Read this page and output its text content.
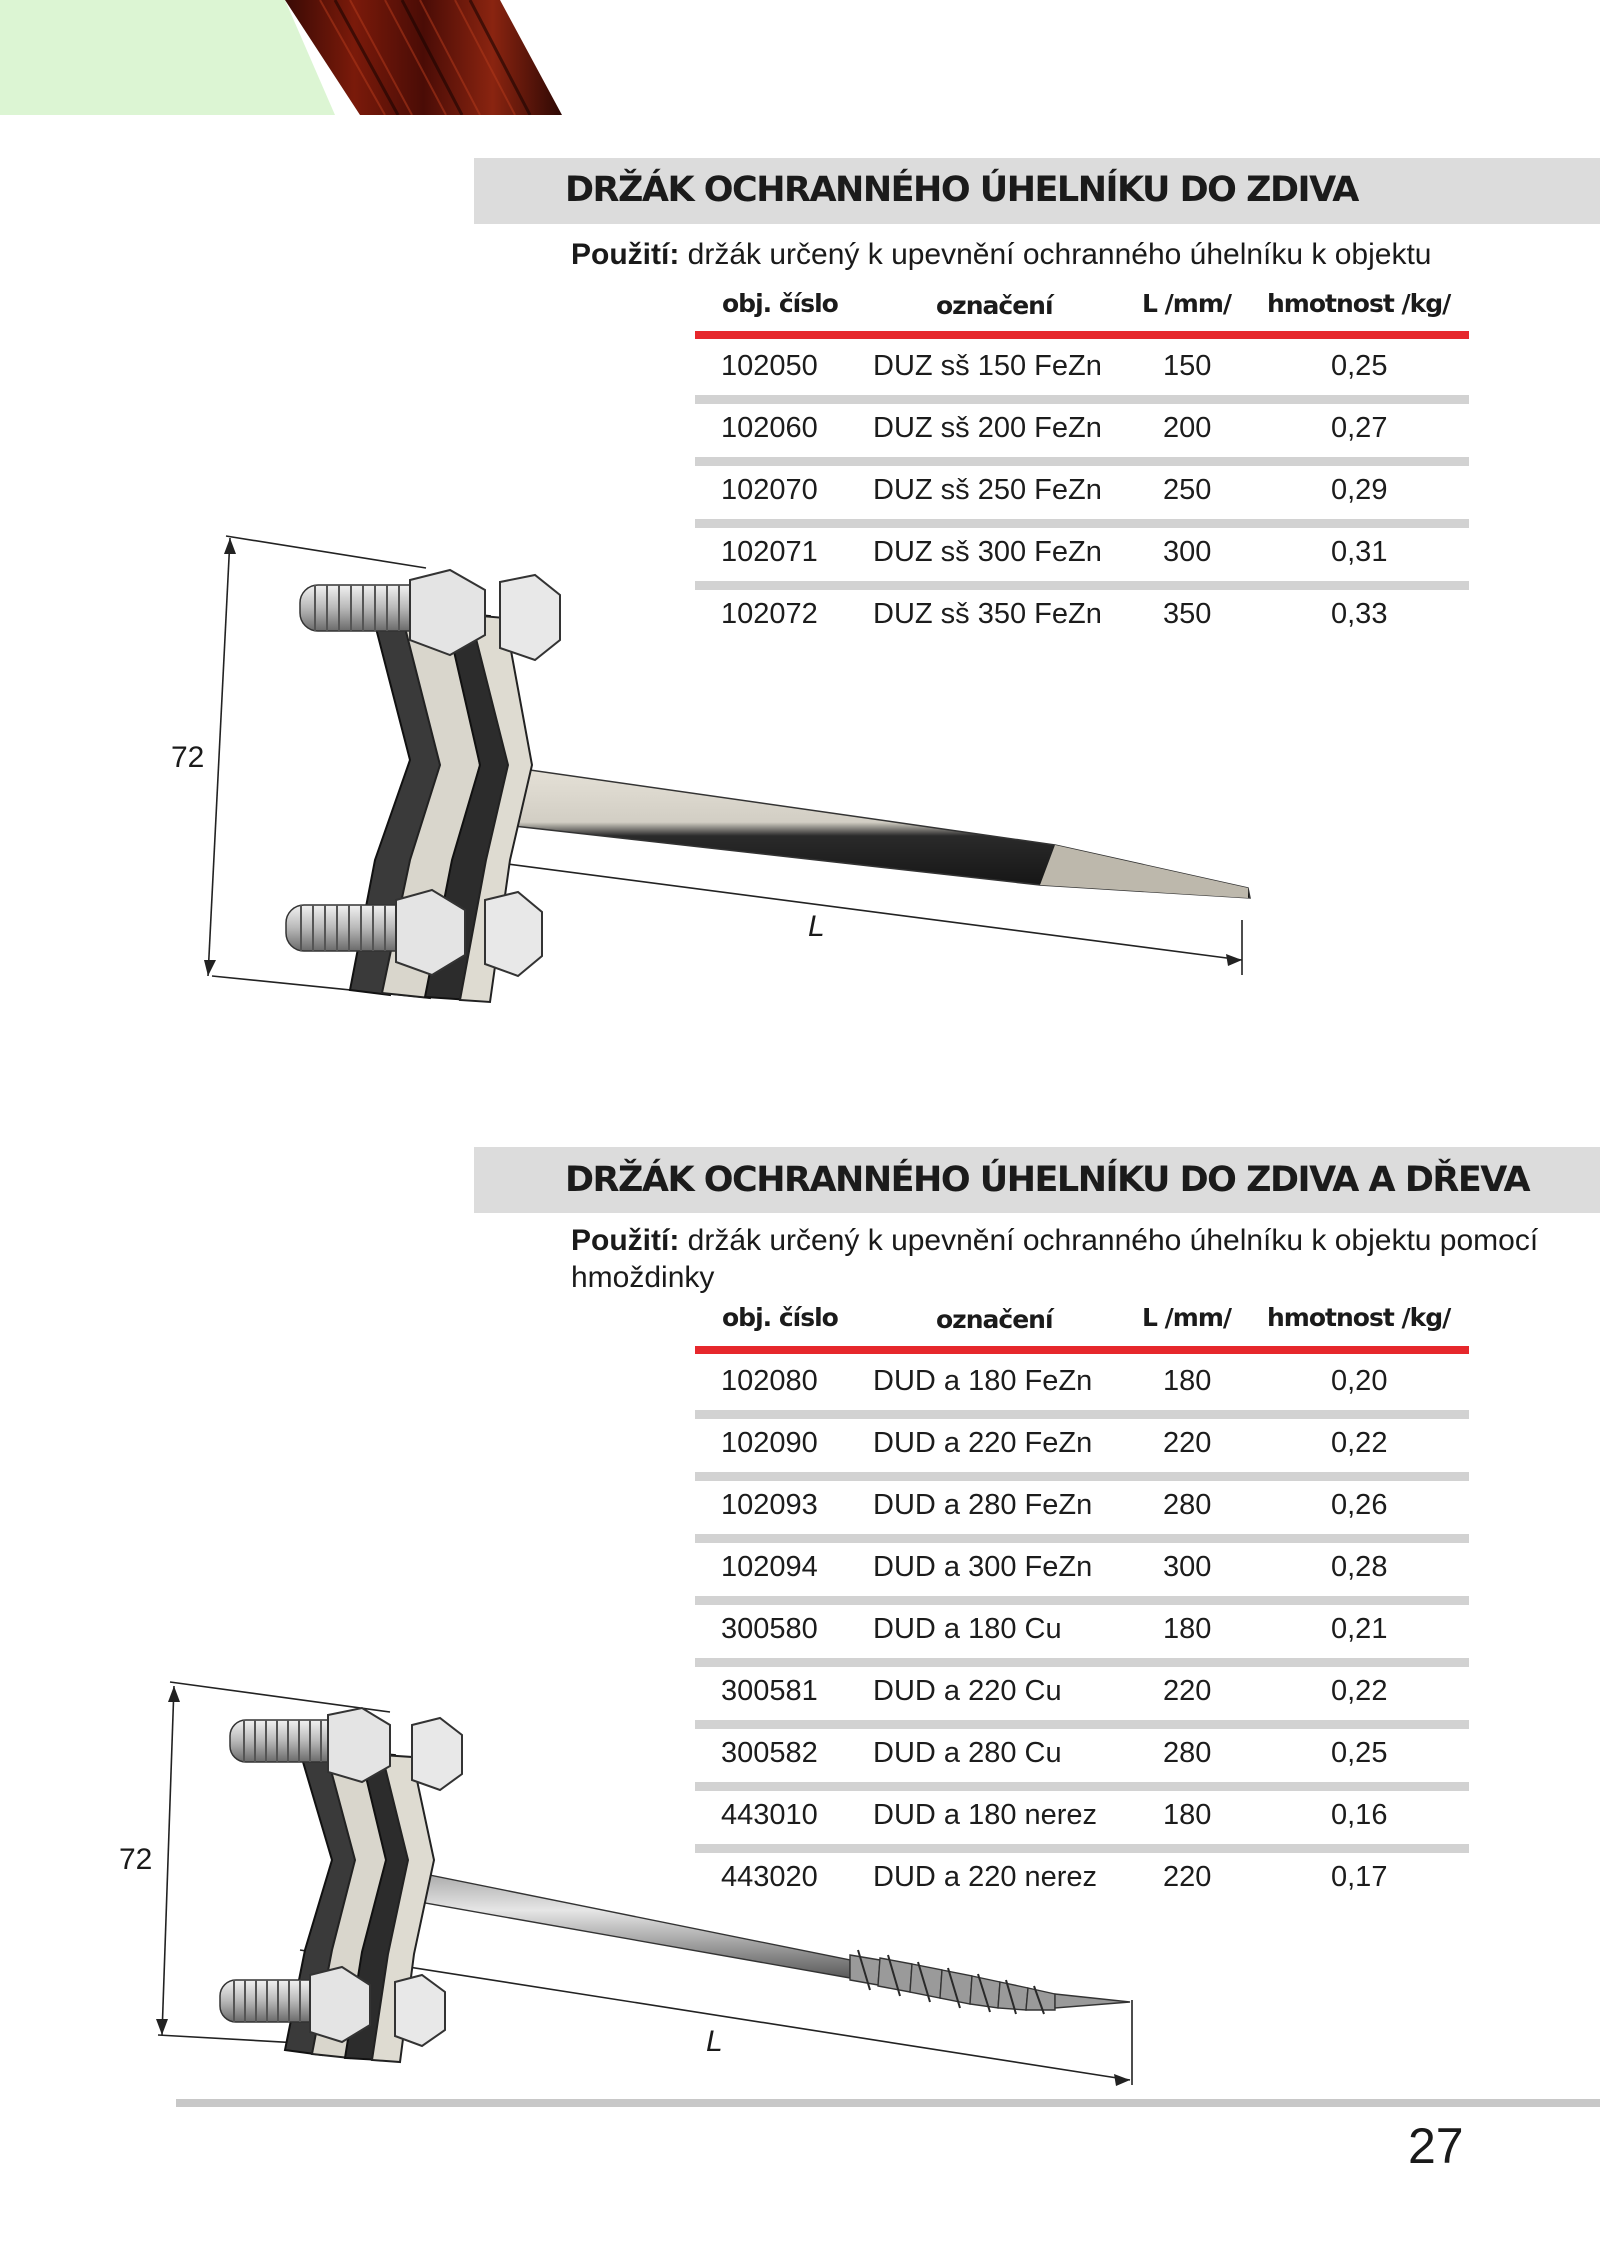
DRŽÁK OCHRANNÉHO ÚHELNÍKU DO ZDIVA
Použití: držák určený k upevnění ochranného úhelníku k objektu
obj. číslo	označení	L /mm/ hmotnost /kg/
102050 DUZ sš 150 FeZn 150	0,25
102060 DUZ sš 200 FeZn 200	0,27
102070 DUZ sš 250 FeZn 250	0,29
102071 DUZ sš 300 FeZn 300	0,31
102072 DUZ sš 350 FeZn 350	0,33
72
L
DRŽÁK OCHRANNÉHO ÚHELNÍKU DO ZDIVA A DŘEVA
Použití: držák určený k upevnění ochranného úhelníku k objektu pomocí hmoždinky
obj. číslo	označení	L /mm/ hmotnost /kg/
102080 DUD a 180 FeZn 180	0,20
102090 DUD a 220 FeZn 220	0,22
102093 DUD a 280 FeZn 280	0,26
102094 DUD a 300 FeZn 300	0,28
300580 DUD a 180 Cu	180	0,21
300581 DUD a 220 Cu	220	0,22
300582 DUD a 280 Cu	280	0,25
443010 DUD a 180 nerez 180	0,16
443020 DUD a 220 nerez 220	0,17
72
L
27
